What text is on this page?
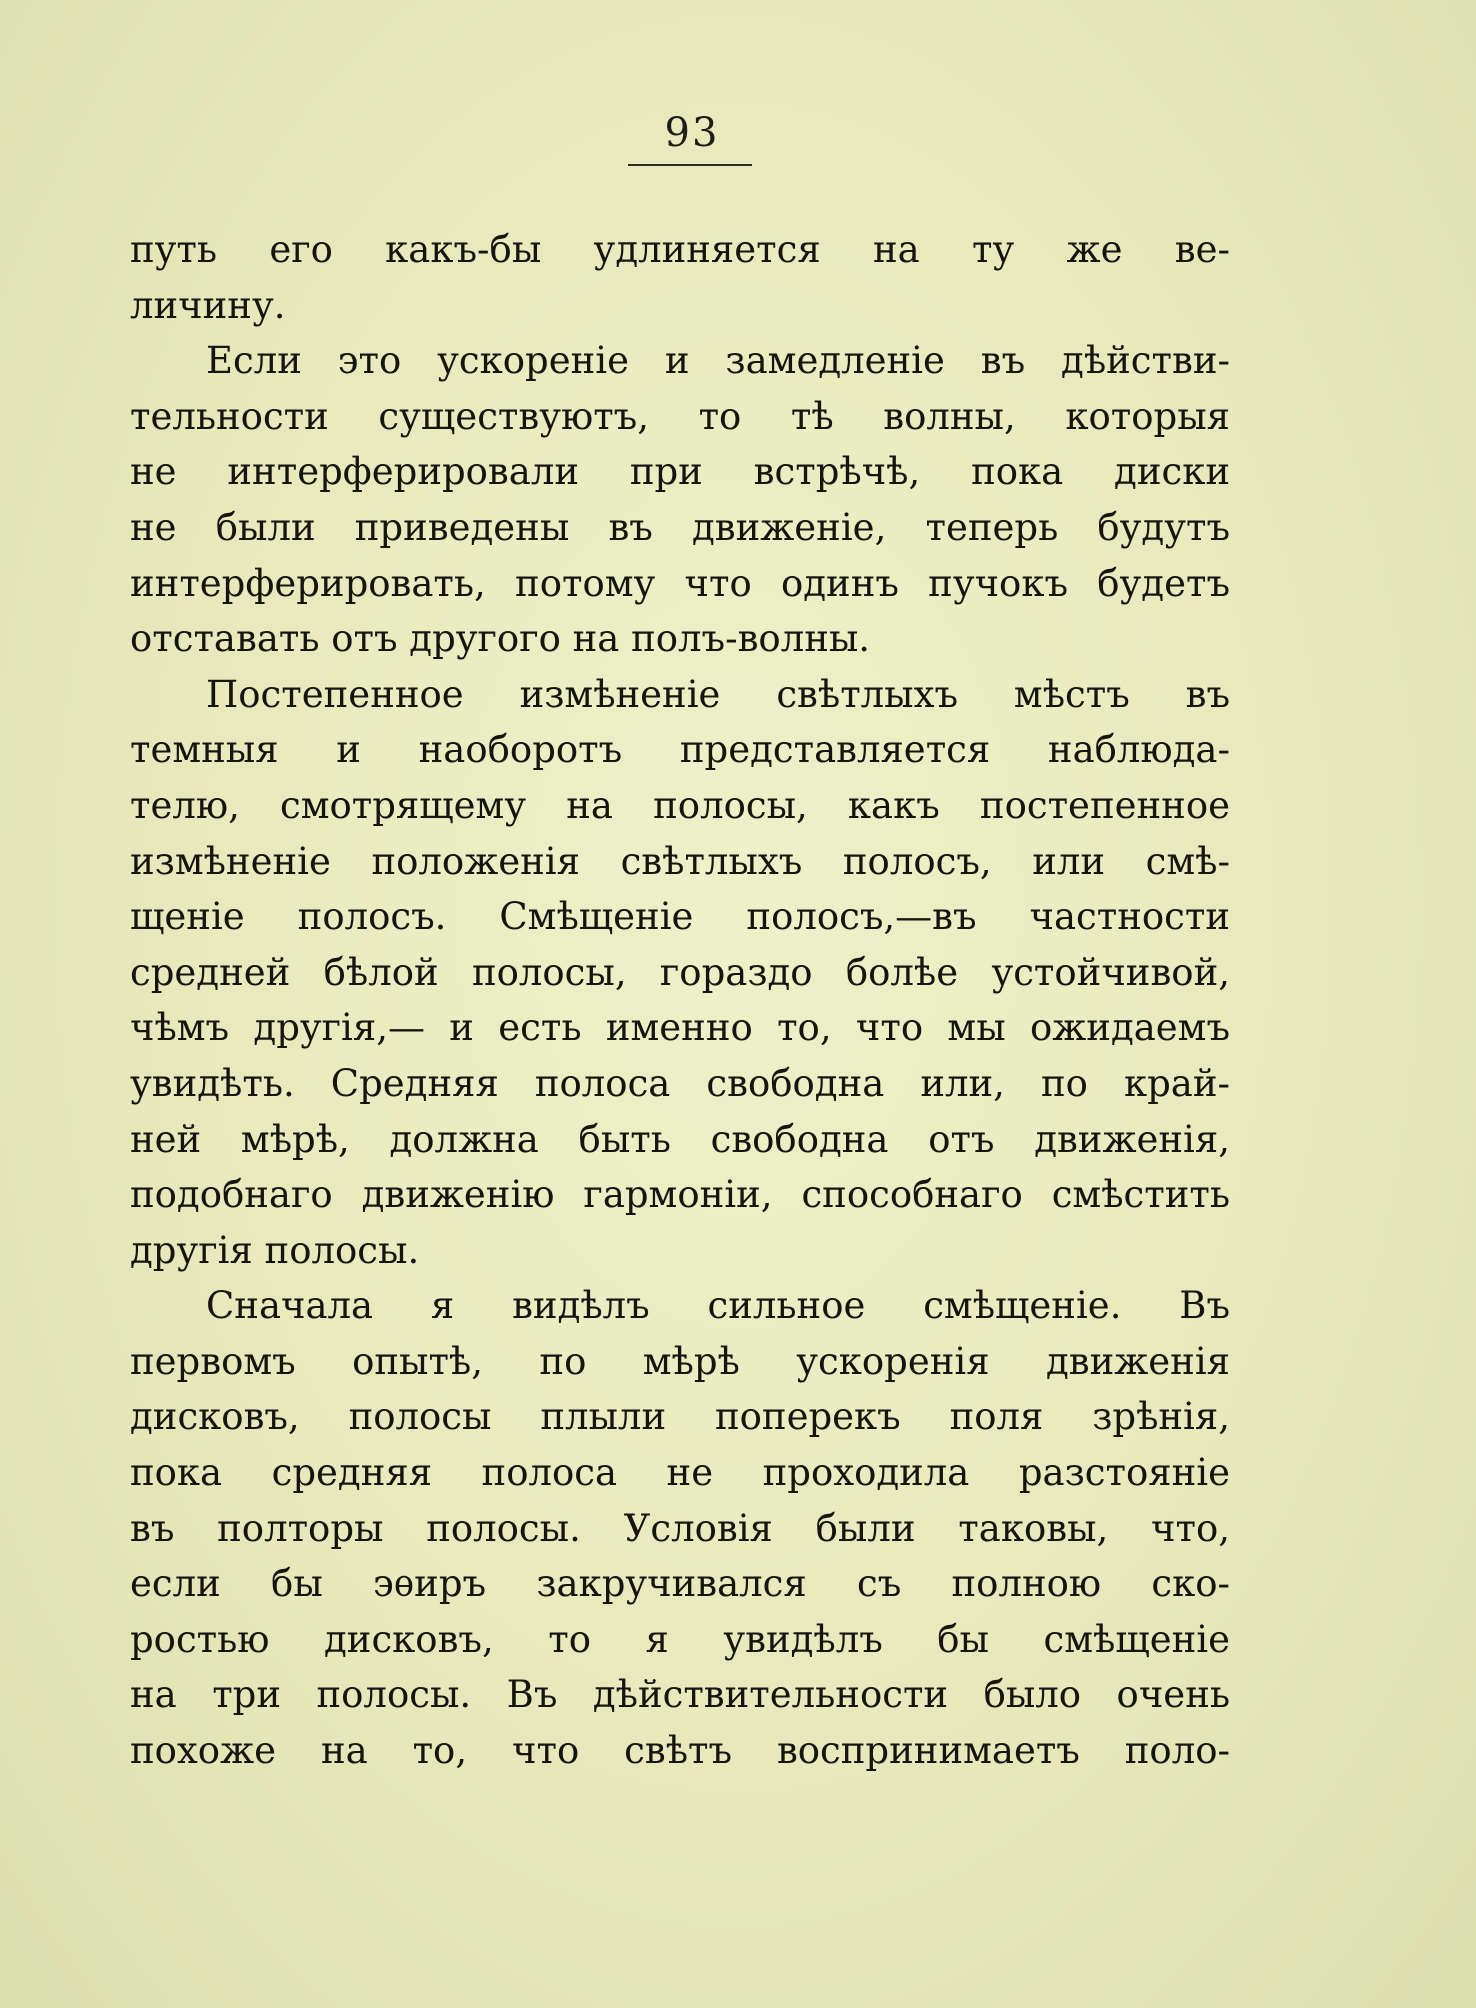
93
путь его какъ-бы удлиняется на ту же ве-
личину.
Если это ускореніе и замедленіе въ дѣйстви-
тельности существуютъ, то тѣ волны, которыя
не интерферировали при встрѣчѣ, пока диски
не были приведены въ движеніе, теперь будутъ
интерферировать, потому что одинъ пучокъ будетъ
отставать отъ другого на полъ-волны.
Постепенное измѣненіе свѣтлыхъ мѣстъ въ
темныя и наоборотъ представляется наблюда-
телю, смотрящему на полосы, какъ постепенное
измѣненіе положенія свѣтлыхъ полосъ, или смѣ-
щеніе полосъ. Смѣщеніе полосъ,—въ частности
средней бѣлой полосы, гораздо болѣе устойчивой,
чѣмъ другія,— и есть именно то, что мы ожидаемъ
увидѣть. Средняя полоса свободна или, по край-
ней мѣрѣ, должна быть свободна отъ движенія,
подобнаго движенію гармоніи, способнаго смѣстить
другія полосы.
Сначала я видѣлъ сильное смѣщеніе. Въ
первомъ опытѣ, по мѣрѣ ускоренія движенія
дисковъ, полосы плыли поперекъ поля зрѣнія,
пока средняя полоса не проходила разстояніе
въ полторы полосы. Условія были таковы, что,
если бы эѳиръ закручивался съ полною ско-
ростью дисковъ, то я увидѣлъ бы смѣщеніе
на три полосы. Въ дѣйствительности было очень
похоже на то, что свѣтъ воспринимаетъ поло-
